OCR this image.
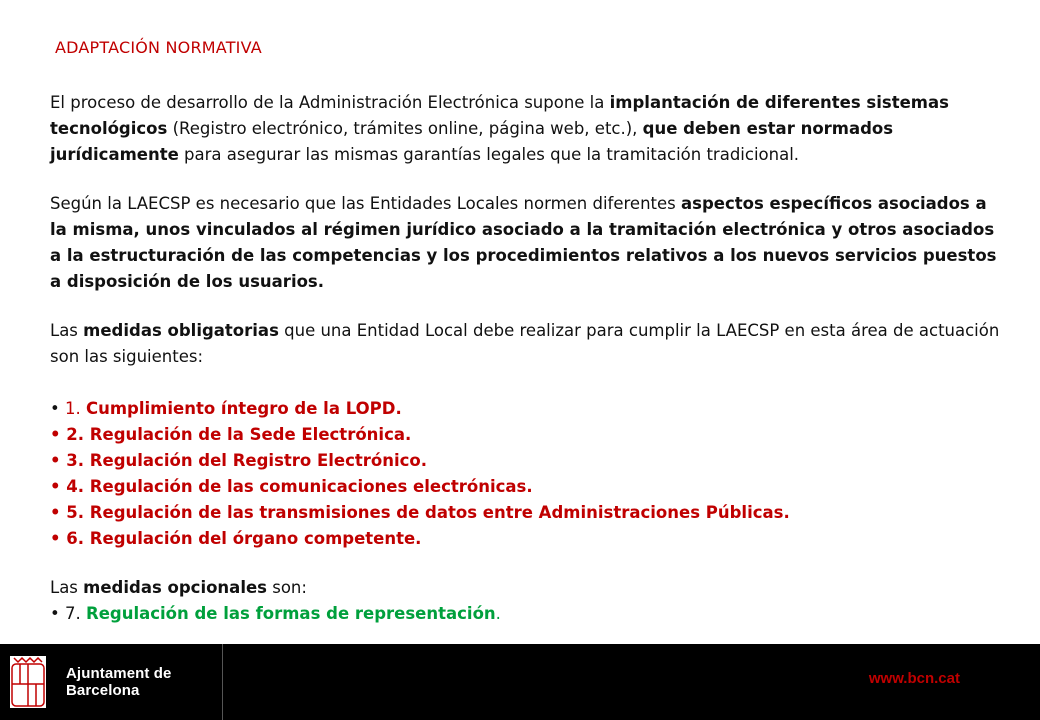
ADAPTACIÓN NORMATIVA

El proceso de desarrollo de la Administración Electrónica supone la implantación de diferentes sistemas tecnológicos (Registro electrónico, trámites online, página web, etc.), que deben estar normados jurídicamente para asegurar las mismas garantías legales que la tramitación tradicional.

Según la LAECSP es necesario que las Entidades Locales normen diferentes aspectos específicos asociados a la misma, unos vinculados al régimen jurídico asociado a la tramitación electrónica y otros asociados a la estructuración de las competencias y los procedimientos relativos a los nuevos servicios puestos a disposición de los usuarios.

Las medidas obligatorias que una Entidad Local debe realizar para cumplir la LAECSP en esta área de actuación son las siguientes:

• 1. Cumplimiento íntegro de la LOPD.
• 2. Regulación de la Sede Electrónica.
• 3. Regulación del Registro Electrónico.
• 4. Regulación de las comunicaciones electrónicas.
• 5. Regulación de las transmisiones de datos entre Administraciones Públicas.
• 6. Regulación del órgano competente.

Las medidas opcionales son:

• 7. Regulación de las formas de representación.
Ajuntament de Barcelona
www.bcn.cat
